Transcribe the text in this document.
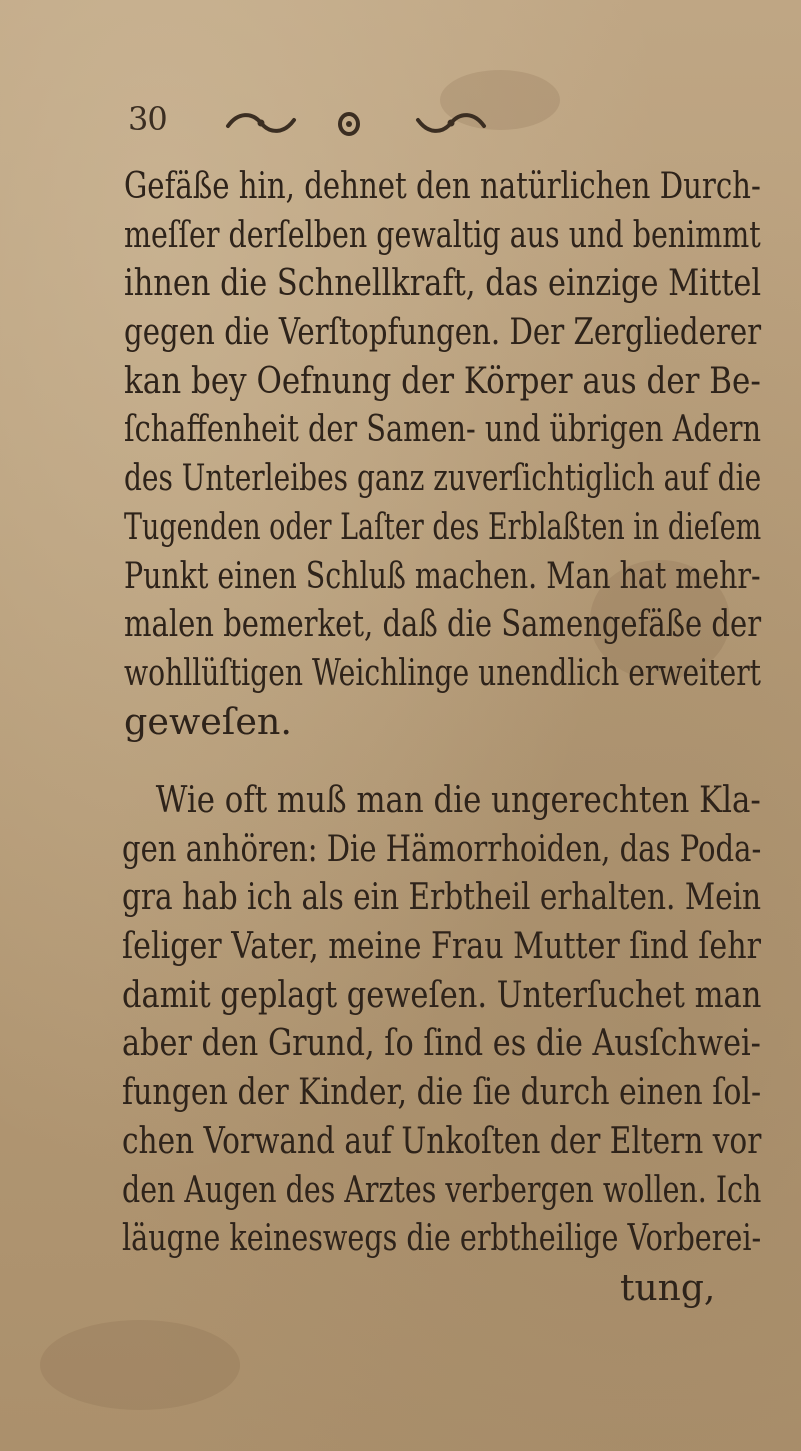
30
Gefäße hin, dehnet den natürlichen Durch-
meſſer derſelben gewaltig aus und benimmt
ihnen die Schnellkraft, das einzige Mittel
gegen die Verſtopfungen. Der Zergliederer
kan bey Oefnung der Körper aus der Be-
ſchaffenheit der Samen- und übrigen Adern
des Unterleibes ganz zuverſichtiglich auf die
Tugenden oder Laſter des Erblaßten in dieſem
Punkt einen Schluß machen. Man hat mehr-
malen bemerket, daß die Samengefäße der
wohllüſtigen Weichlinge unendlich erweitert
geweſen.
Wie oft muß man die ungerechten Kla-
gen anhören: Die Hämorrhoiden, das Poda-
gra hab ich als ein Erbtheil erhalten. Mein
ſeliger Vater, meine Frau Mutter ſind ſehr
damit geplagt geweſen. Unterſuchet man
aber den Grund, ſo ſind es die Ausſchwei-
fungen der Kinder, die ſie durch einen ſol-
chen Vorwand auf Unkoſten der Eltern vor
den Augen des Arztes verbergen wollen. Ich
läugne keineswegs die erbtheilige Vorberei-
tung,
